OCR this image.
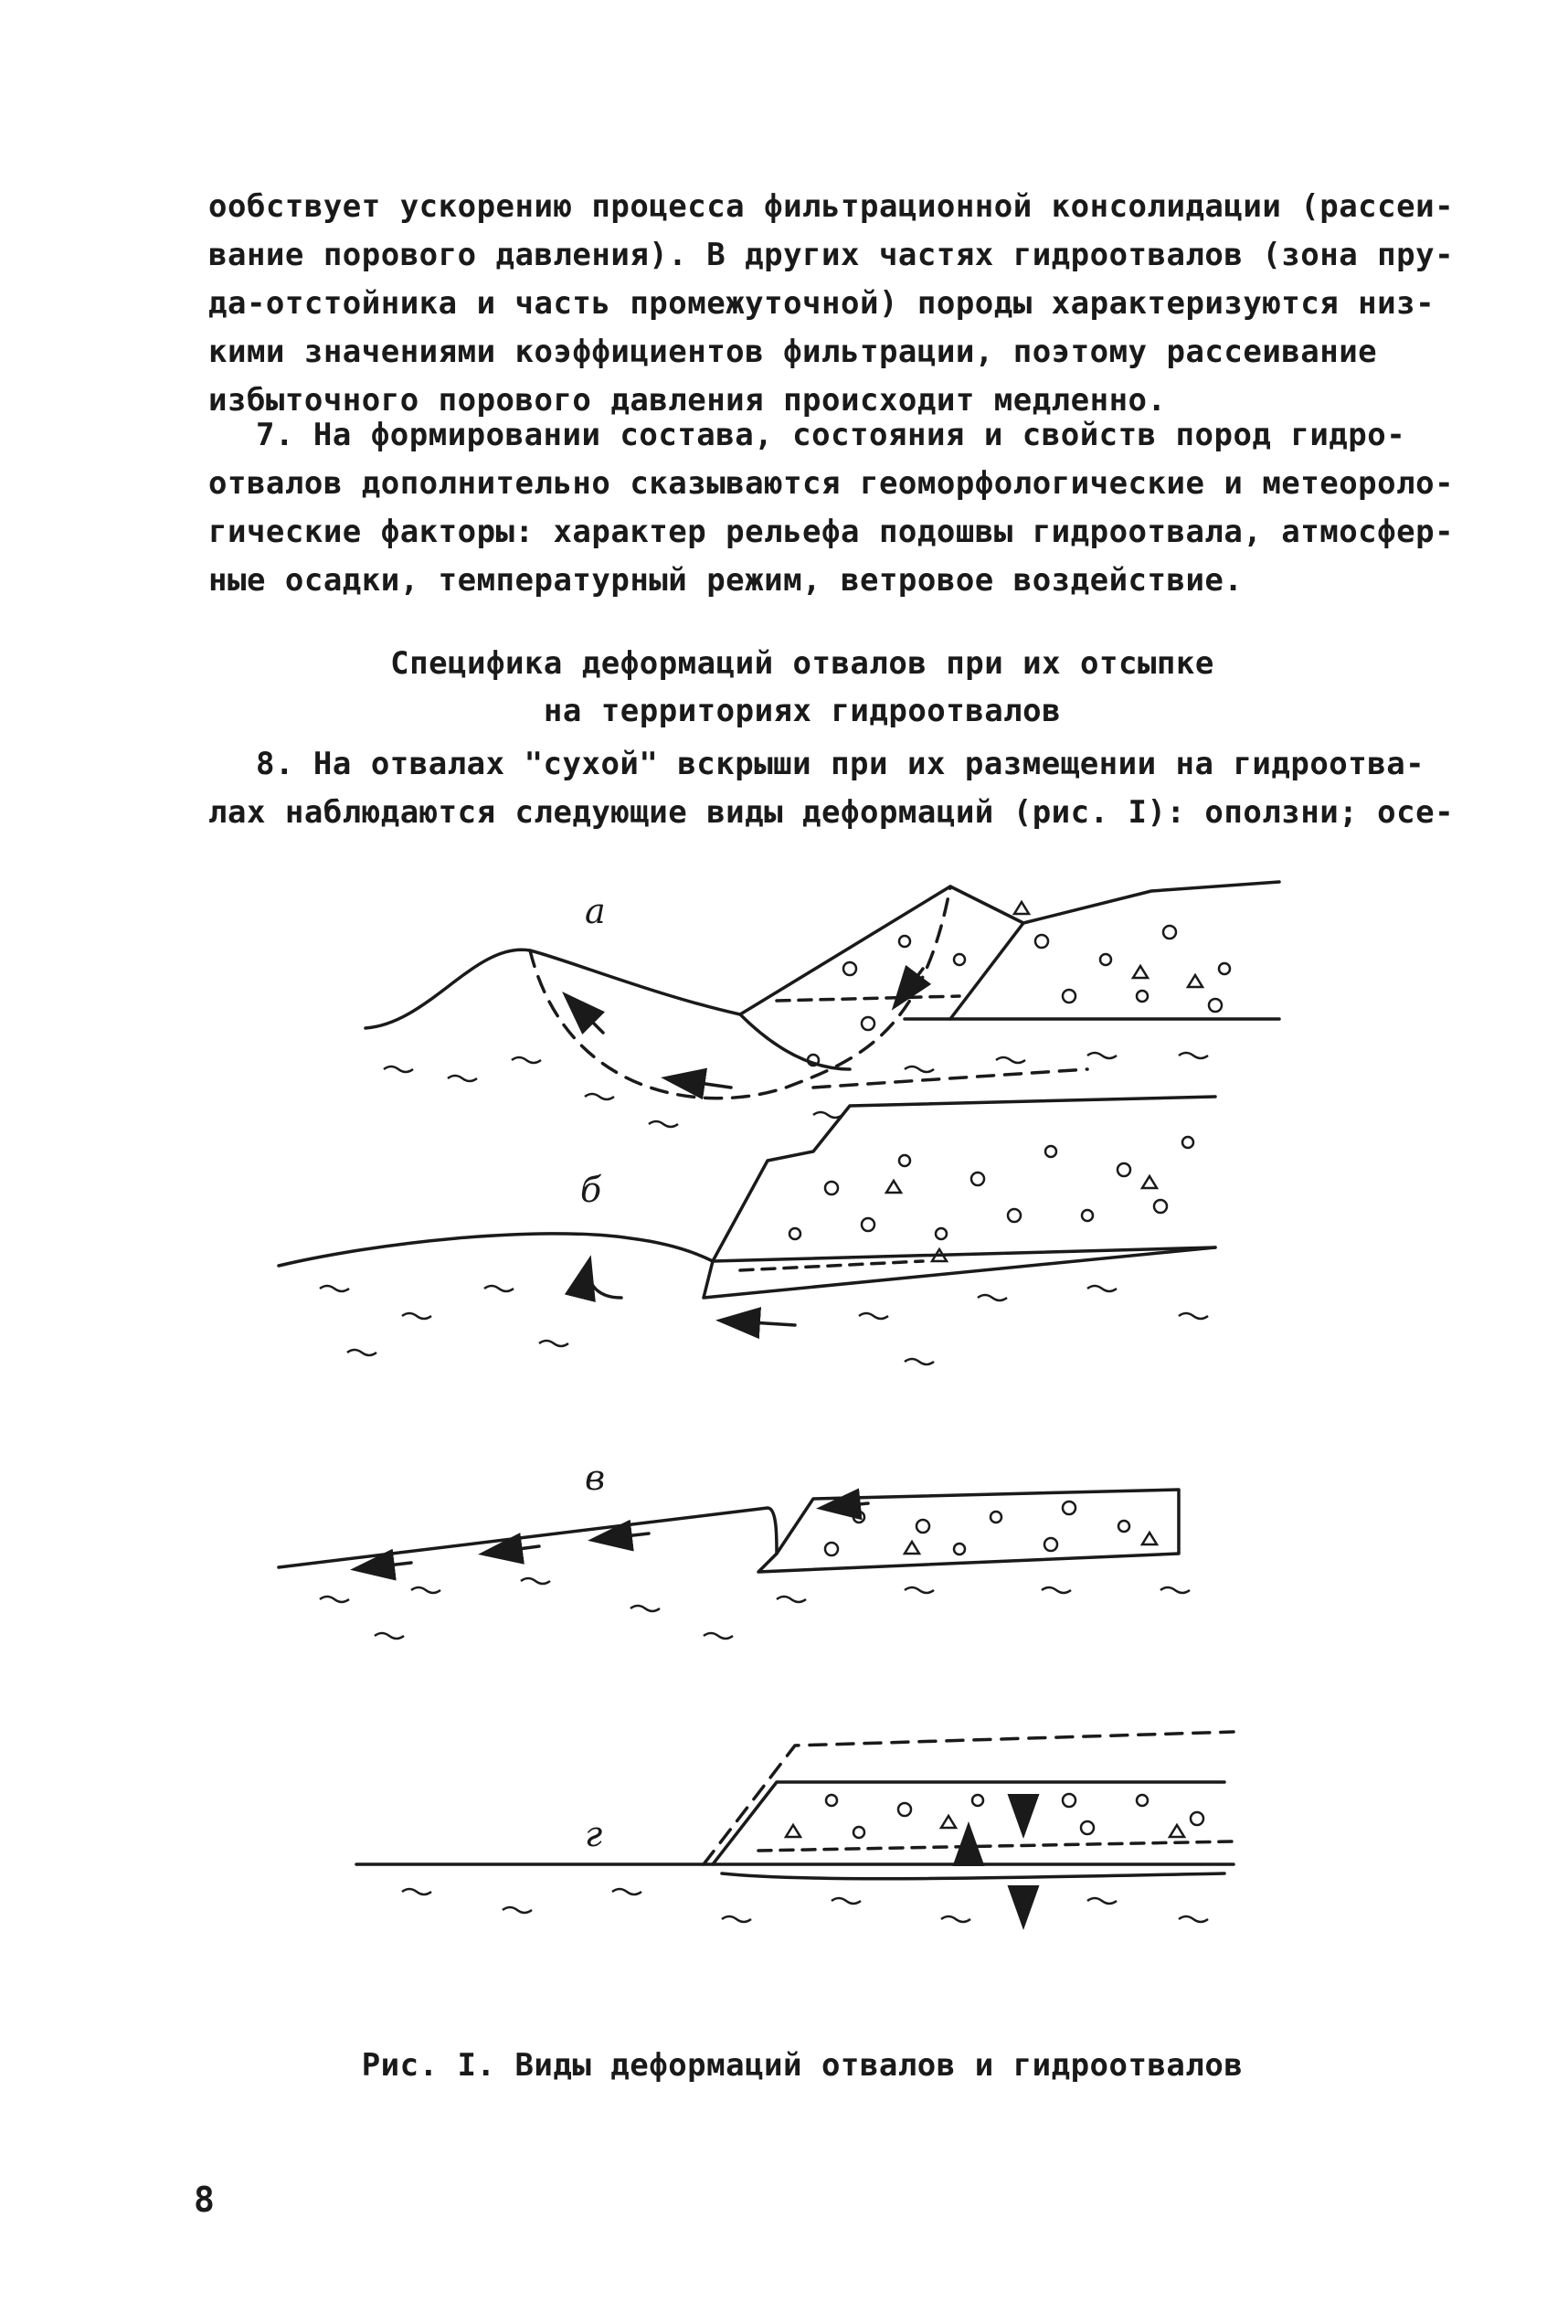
ообствует ускорению процесса фильтрационной консолидации (рассеи-
вание порового давления). В других частях гидроотвалов (зона пру-
да-отстойника и часть промежуточной) породы характеризуются низ-
кими значениями коэффициентов фильтрации, поэтому рассеивание
избыточного порового давления происходит медленно.
7. На формировании состава, состояния и свойств пород гидро-
отвалов дополнительно сказываются геоморфологические и метеороло-
гические факторы: характер рельефа подошвы гидроотвала, атмосфер-
ные осадки, температурный режим, ветровое воздействие.
Специфика деформаций отвалов при их отсыпке
на территориях гидроотвалов
8. На отвалах "сухой" вскрыши при их размещении на гидроотва-
лах наблюдаются следующие виды деформаций (рис. I): оползни; осе-
а
б
в
г
Рис. I. Виды деформаций отвалов и гидроотвалов
8
